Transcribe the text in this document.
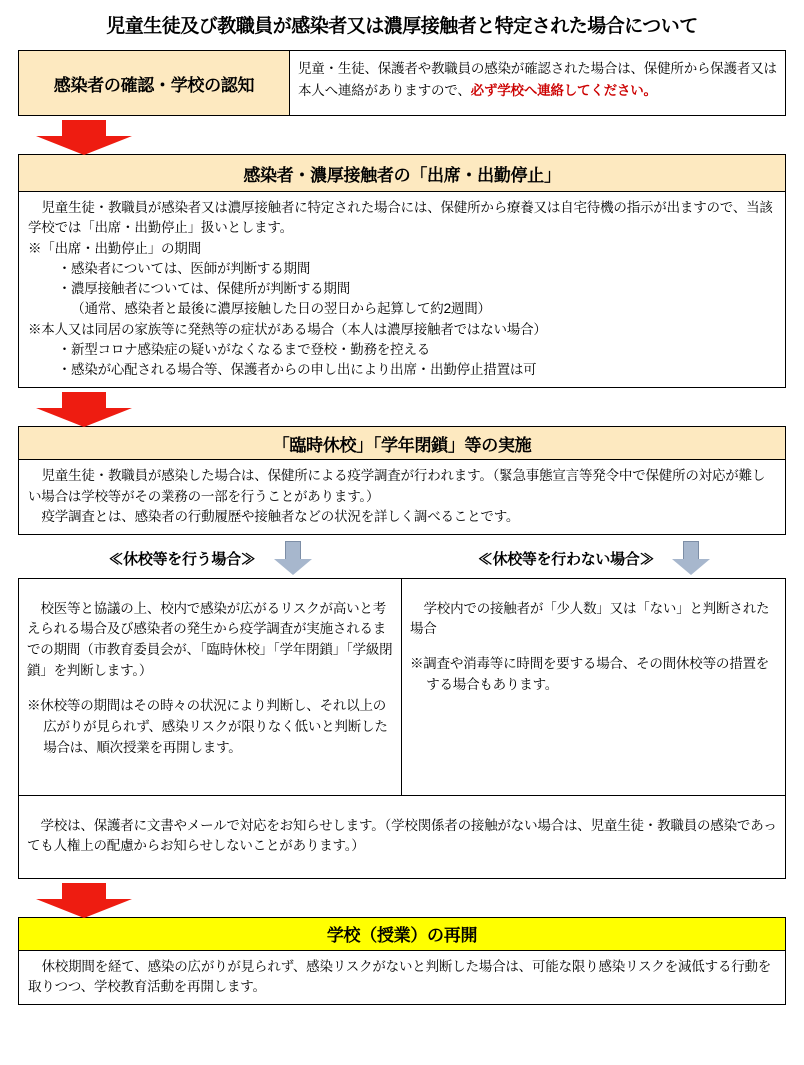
児童生徒及び教職員が感染者又は濃厚接触者と特定された場合について
感染者の確認・学校の認知
児童・生徒、保護者や教職員の感染が確認された場合は、保健所から保護者又は本人へ連絡がありますので、必ず学校へ連絡してください。
感染者・濃厚接触者の「出席・出勤停止」

児童生徒・教職員が感染者又は濃厚接触者に特定された場合には、保健所から療養又は自宅待機の指示が出ますので、当該学校では「出席・出勤停止」扱いとします。

※「出席・出勤停止」の期間

・感染者については、医師が判断する期間

・濃厚接触者については、保健所が判断する期間

（通常、感染者と最後に濃厚接触した日の翌日から起算して約2週間）

※本人又は同居の家族等に発熱等の症状がある場合（本人は濃厚接触者ではない場合）

・新型コロナ感染症の疑いがなくなるまで登校・勤務を控える

・感染が心配される場合等、保護者からの申し出により出席・出勤停止措置は可

「臨時休校」「学年閉鎖」等の実施

児童生徒・教職員が感染した場合は、保健所による疫学調査が行われます。（緊急事態宣言等発令中で保健所の対応が難しい場合は学校等がその業務の一部を行うことがあります。）

疫学調査とは、感染者の行動履歴や接触者などの状況を詳しく調べることです。

≪休校等を行う場合≫	≪休校等を行わない場合≫

校医等と協議の上、校内で感染が広がるリスクが高いと考えられる場合及び感染者の発生から疫学調査が実施されるまでの期間（市教育委員会が、「臨時休校」「学年閉鎖」「学級閉鎖」を判断します。）

※休校等の期間はその時々の状況により判断し、それ以上の広がりが見られず、感染リスクが限りなく低いと判断した場合は、順次授業を再開します。

学校内での接触者が「少人数」又は「ない」と判断された場合

※調査や消毒等に時間を要する場合、その間休校等の措置をする場合もあります。

学校は、保護者に文書やメールで対応をお知らせします。（学校関係者の接触がない場合は、児童生徒・教職員の感染であっても人権上の配慮からお知らせしないことがあります。）

学校（授業）の再開

休校期間を経て、感染の広がりが見られず、感染リスクがないと判断した場合は、可能な限り感染リスクを減低する行動を取りつつ、学校教育活動を再開します。
